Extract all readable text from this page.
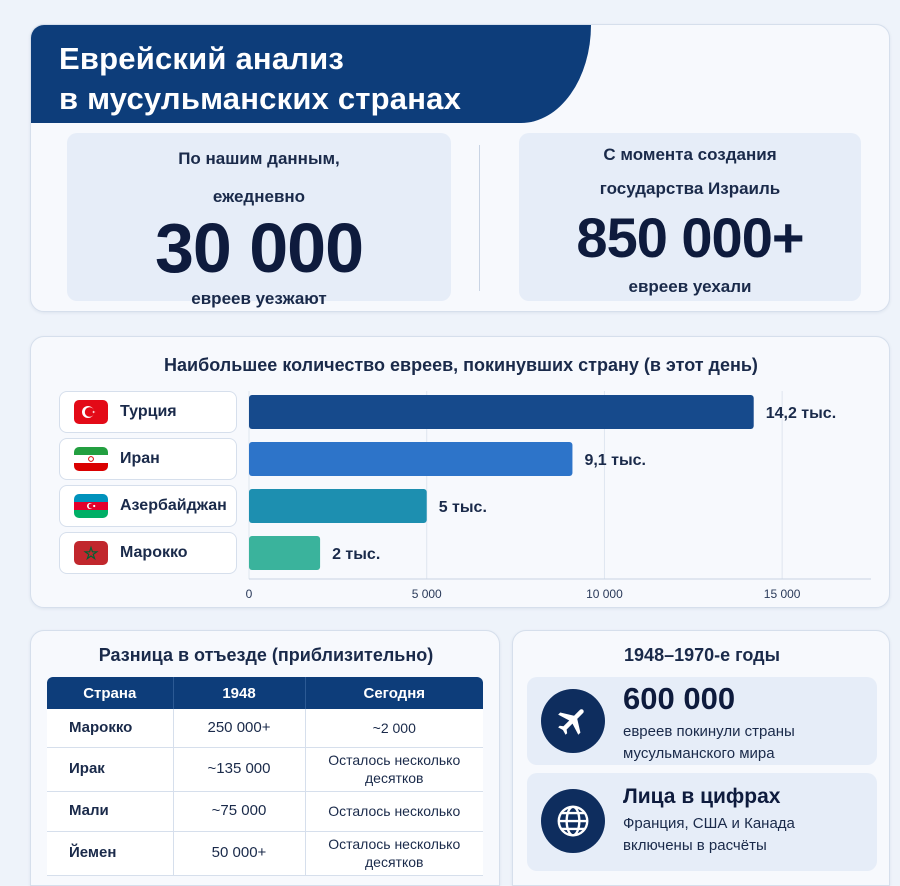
Еврейский анализ
в мусульманских странах
По нашим данным,
ежедневно
30 000
евреев уезжают
С момента создания
государства Израиль
850 000+
евреев уехали
Наибольшее количество евреев, покинувших страну (в этот день)
0	5 000	10 000	15 000
14,2 тыс.
9,1 тыс.
5 тыс.
2 тыс.
Турция
Иран
Азербайджан
Марокко
Разница в отъезде (приблизительно)
Страна	1948	Сегодня
Марокко	250 000+	~2 000

Ирак	~135 000	Осталось несколько
десятков

Мали	~75 000	Осталось несколько

Йемен	50 000+	Осталось несколько
десятков
1948–1970-е годы
600 000
евреев покинули страны
мусульманского мира
Лица в цифрах
Франция, США и Канада
включены в расчёты
